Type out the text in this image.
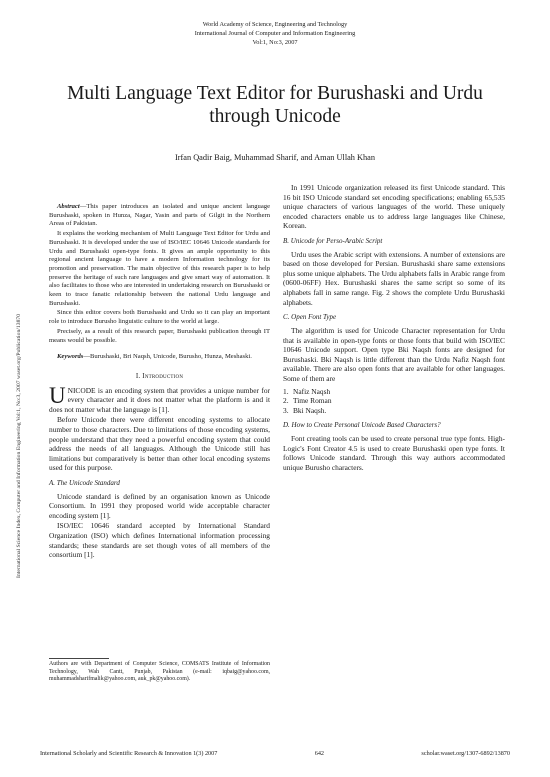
World Academy of Science, Engineering and Technology
International Journal of Computer and Information Engineering
Vol:1, No:3, 2007
Multi Language Text Editor for Burushaski and Urdu through Unicode
Irfan Qadir Baig, Muhammad Sharif, and Aman Ullah Khan
International Science Index, Computer and Information Engineering Vol:1, No:3, 2007 waset.org/Publication/13870

Abstract—This paper introduces an isolated and unique ancient language Burushaski, spoken in Hunza, Nagar, Yasin and parts of Gilgit in the Northern Areas of Pakistan.

It explains the working mechanism of Multi Language Text Editor for Urdu and Burushaski. It is developed under the use of ISO/IEC 10646 Unicode standards for Urdu and Burushaski open-type fonts. It gives an ample opportunity to this regional ancient language to have a modern Information technology for its promotion and preservation. The main objective of this research paper is to help preserve the heritage of such rare languages and give smart way of automation. It also facilitates to those who are interested in undertaking research on Burushaski or keen to trace fanatic relationship between the national Urdu language and Burushaski.

Since this editor covers both Burushaski and Urdu so it can play an important role to introduce Burusho linguistic culture to the world at large.

Precisely, as a result of this research paper, Burushaski publication through IT means would be possible.

Keywords—Burushaski, Bri Naqsh, Unicode, Burusho, Hunza, Meshaski.

I. Introduction

UNICODE is an encoding system that provides a unique number for every character and it does not matter what the platform is and it does not matter what the language is [1].

Before Unicode there were different encoding systems to allocate number to those characters. Due to limitations of those encoding systems, people understand that they need a powerful encoding system that could address the needs of all languages. Although the Unicode still has limitations but comparatively is better than other local encoding systems used for this purpose.

A. The Unicode Standard

Unicode standard is defined by an organisation known as Unicode Consortium. In 1991 they proposed world wide acceptable character encoding system [1].

ISO/IEC 10646 standard accepted by International Standard Organization (ISO) which defines International information processing standards; these standards are set though votes of all members of the consortium [1].

Authors are with Department of Computer Science, COMSATS Institute of Information Technology, Wah Cantt, Punjab, Pakistan (e-mail: iqbaig@yahoo.com, muhammadsharifmalik@yahoo.com, auk_pk@yahoo.com).

In 1991 Unicode organization released its first Unicode standard. This 16 bit ISO Unicode standard set encoding specifications; enabling 65,535 unique characters of various languages of the world. These uniquely encoded characters enable us to address large languages like Chinese, Korean.

B. Unicode for Perso-Arabic Script

Urdu uses the Arabic script with extensions. A number of extensions are based on those developed for Persian. Burushaski share same extensions plus some unique alphabets. The Urdu alphabets falls in Arabic range from (0600-06FF) Hex. Burushaski shares the same script so some of its alphabets fall in same range. Fig. 2 shows the complete Urdu Burushaski alphabets.

C. Open Font Type

The algorithm is used for Unicode Character representation for Urdu that is available in open-type fonts or those fonts that build with ISO/IEC 10646 Unicode support. Open type Bki Naqsh fonts are designed for Burushaski. Bki Naqsh is little different than the Urdu Nafiz Naqsh font available. There are also open fonts that are available for other languages. Some of them are

1. Nafiz Naqsh
2. Time Roman
3. Bki Naqsh.
D. How to Create Personal Unicode Based Characters?

Font creating tools can be used to create personal true type fonts. High-Logic's Font Creator 4.5 is used to create Burushaski open type fonts. It follows Unicode standard. Through this way authors accommodated unique Burusho characters.

International Scholarly and Scientific Research & Innovation 1(3) 2007	642	scholar.waset.org/1307-6892/13870
